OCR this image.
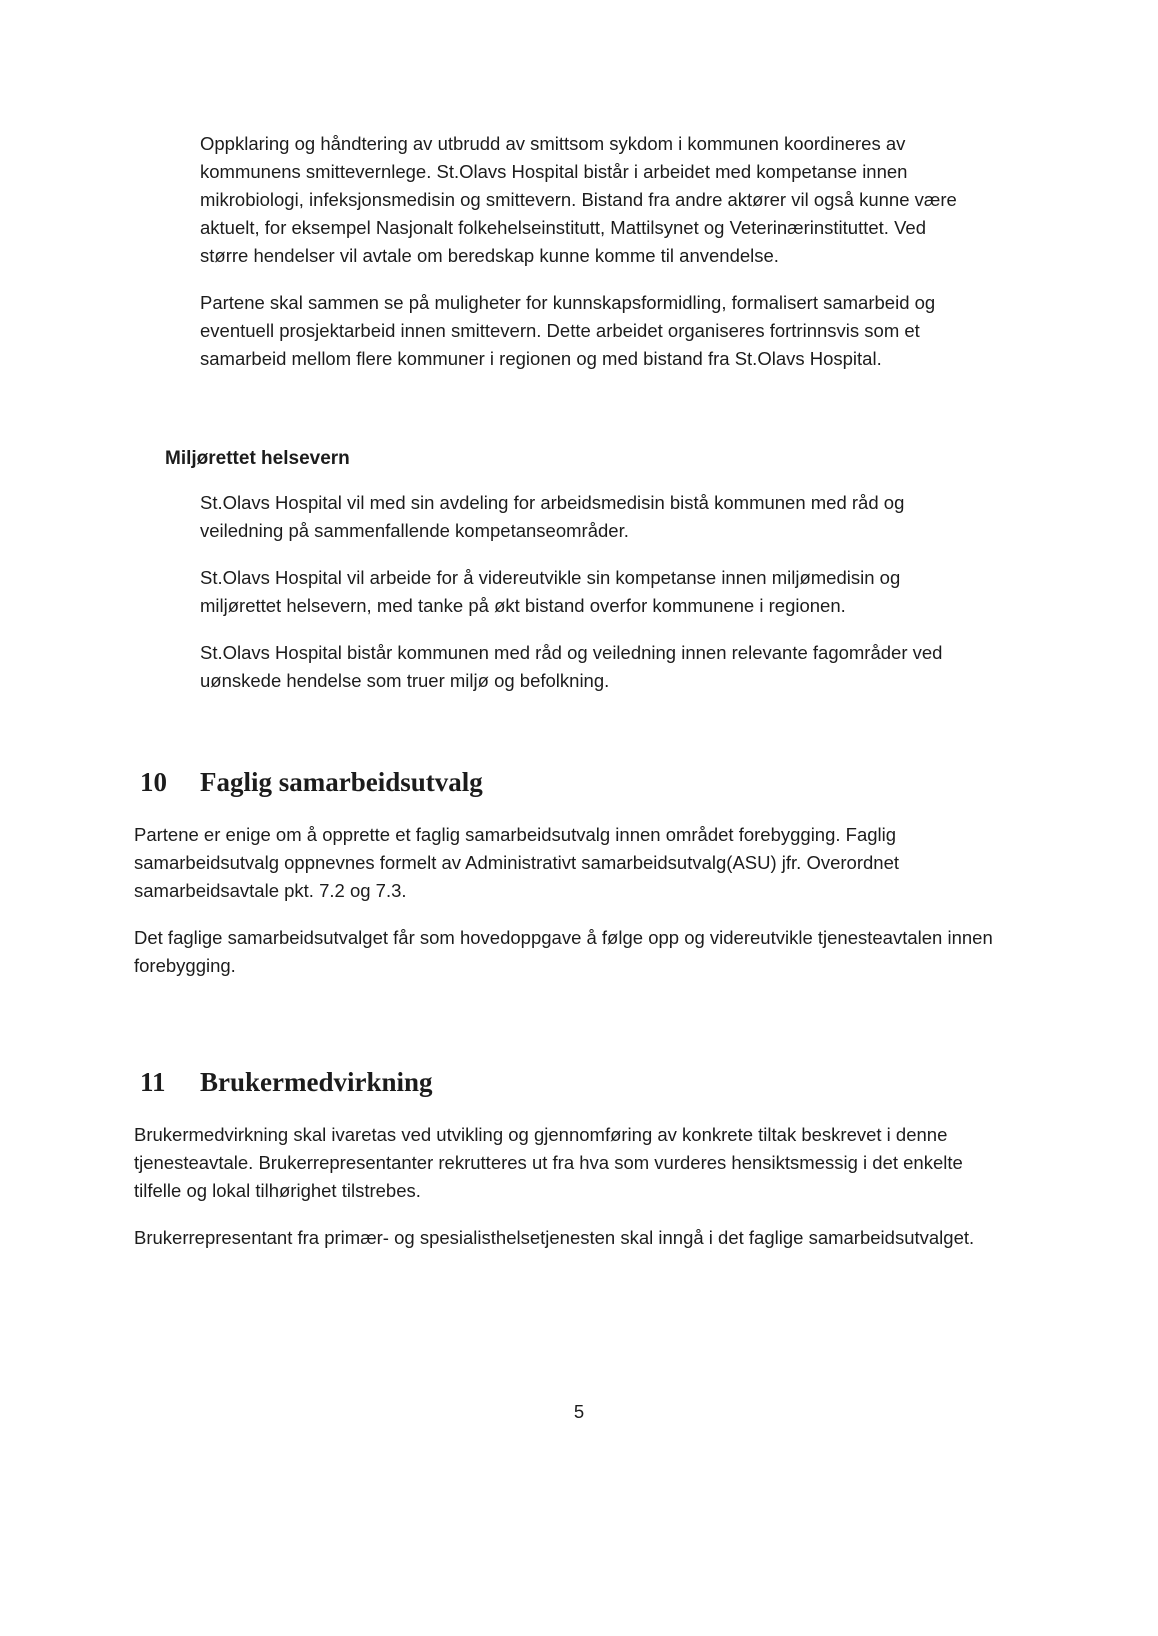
Oppklaring og håndtering av utbrudd av smittsom sykdom i kommunen koordineres av kommunens smittevernlege. St.Olavs Hospital bistår i arbeidet med kompetanse innen mikrobiologi, infeksjonsmedisin og smittevern. Bistand fra andre aktører vil også kunne være aktuelt, for eksempel Nasjonalt folkehelseinstitutt, Mattilsynet og Veterinærinstituttet. Ved større hendelser vil avtale om beredskap kunne komme til anvendelse.

Partene skal sammen se på muligheter for kunnskapsformidling, formalisert samarbeid og eventuell prosjektarbeid innen smittevern. Dette arbeidet organiseres fortrinnsvis som et samarbeid mellom flere kommuner i regionen og med bistand fra St.Olavs Hospital.

Miljørettet helsevern

St.Olavs Hospital vil med sin avdeling for arbeidsmedisin bistå kommunen med råd og veiledning på sammenfallende kompetanseområder.

St.Olavs Hospital vil arbeide for å videreutvikle sin kompetanse innen miljømedisin og miljørettet helsevern, med tanke på økt bistand overfor kommunene i regionen.

St.Olavs Hospital bistår kommunen med råd og veiledning innen relevante fagområder ved uønskede hendelse som truer miljø og befolkning.

10	Faglig samarbeidsutvalg

Partene er enige om å opprette et faglig samarbeidsutvalg innen området forebygging. Faglig samarbeidsutvalg oppnevnes formelt av Administrativt samarbeidsutvalg(ASU) jfr. Overordnet samarbeidsavtale pkt. 7.2 og 7.3.

Det faglige samarbeidsutvalget får som hovedoppgave å følge opp og videreutvikle tjenesteavtalen innen forebygging.

11	Brukermedvirkning

Brukermedvirkning skal ivaretas ved utvikling og gjennomføring av konkrete tiltak beskrevet i denne tjenesteavtale. Brukerrepresentanter rekrutteres ut fra hva som vurderes hensiktsmessig i det enkelte tilfelle og lokal tilhørighet tilstrebes.

Brukerrepresentant fra primær- og spesialisthelsetjenesten skal inngå i det faglige samarbeidsutvalget.

5
